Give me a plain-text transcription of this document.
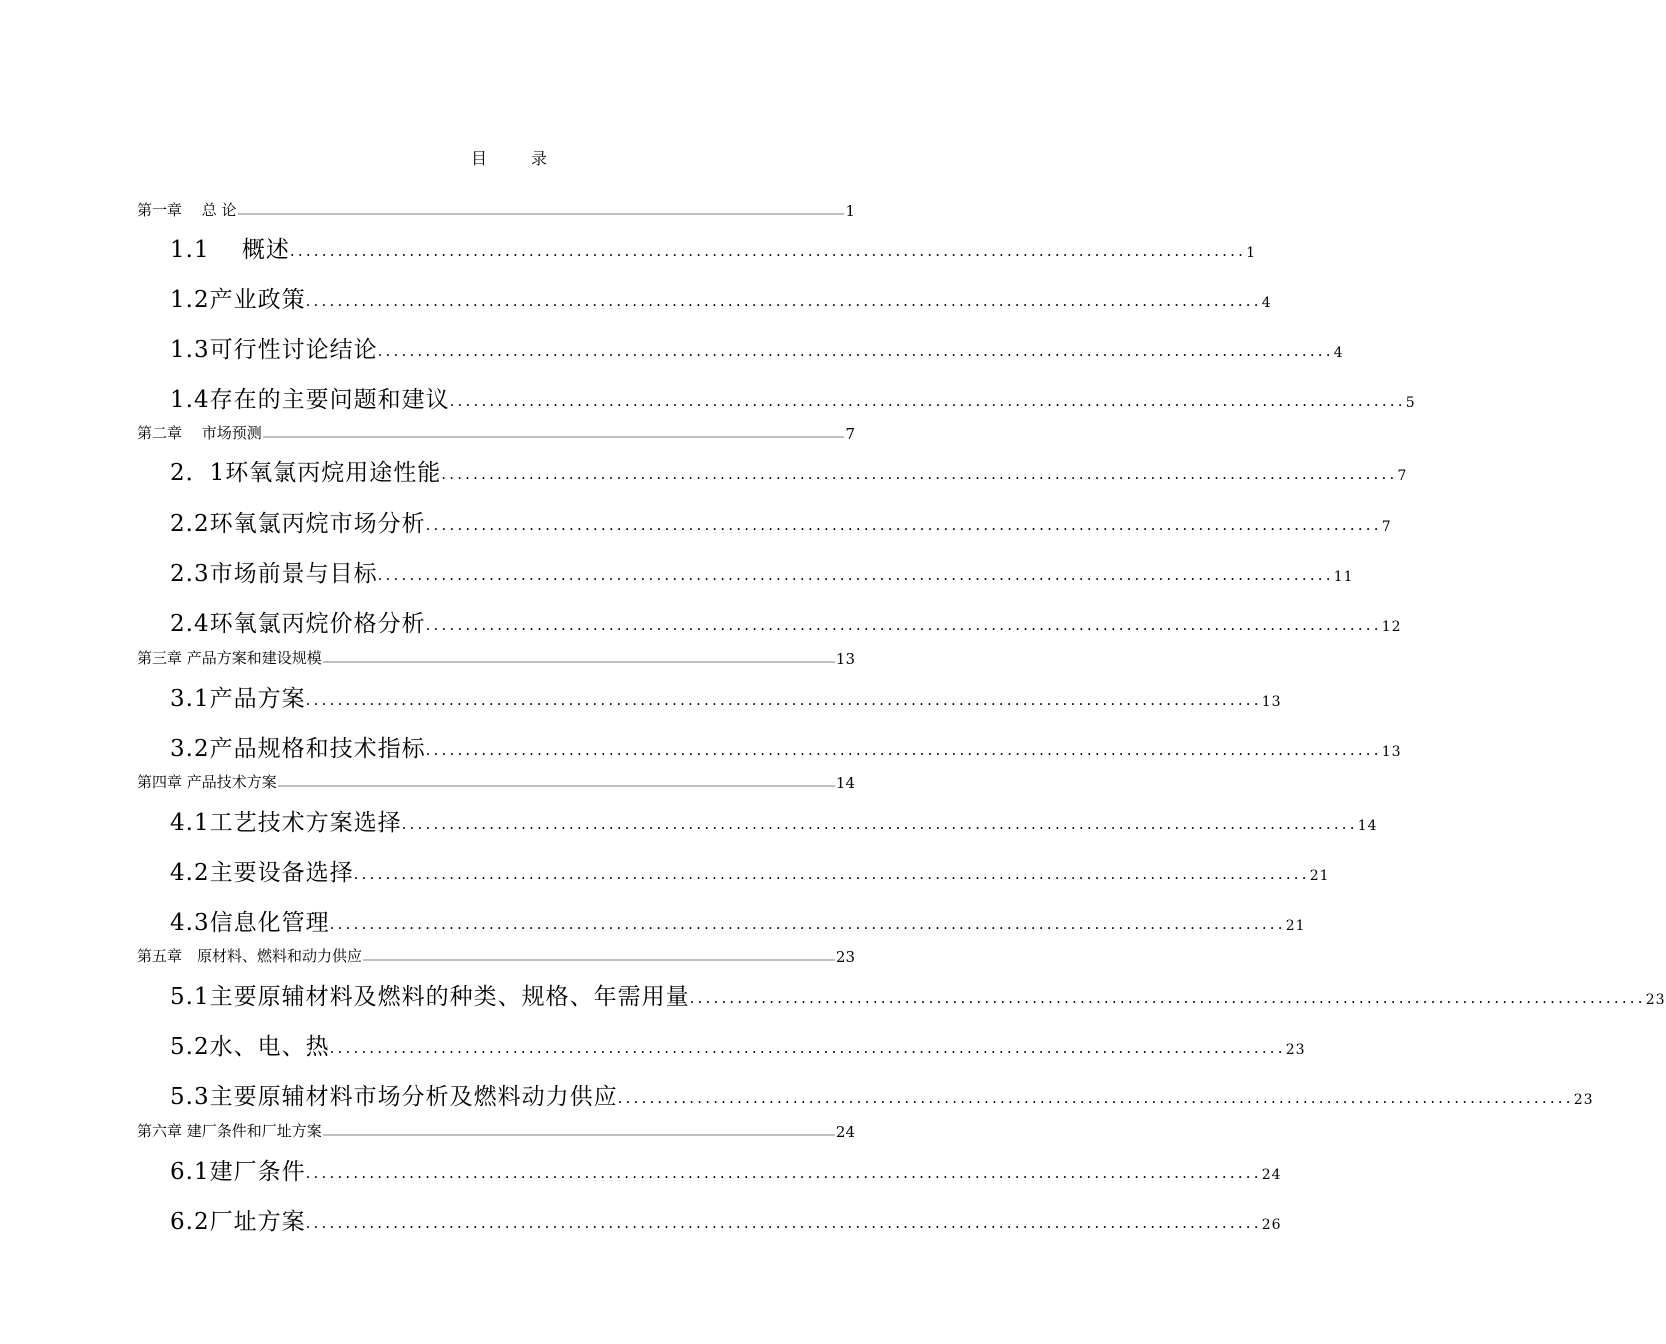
目	录
第一章　 总 论	1
1.1　 概述 ........................................................................................................................ 1
1.2产业政策 ........................................................................................................................ 4
1.3可行性讨论结论 ........................................................................................................................ 4
1.4存在的主要问题和建议 ........................................................................................................................ 5
第二章　 市场预测	7
2．1环氧氯丙烷用途性能 ........................................................................................................................ 7
2.2环氧氯丙烷市场分析 ........................................................................................................................ 7
2.3市场前景与目标 ........................................................................................................................ 11
2.4环氧氯丙烷价格分析 ........................................................................................................................ 12
第三章 产品方案和建设规模	13
3.1产品方案 ........................................................................................................................ 13
3.2产品规格和技术指标 ........................................................................................................................ 13
第四章 产品技术方案	14
4.1工艺技术方案选择 ........................................................................................................................ 14
4.2主要设备选择 ........................................................................................................................ 21
4.3信息化管理 ........................................................................................................................ 21
第五章　原材料、燃料和动力供应	23
5.1主要原辅材料及燃料的种类、规格、年需用量 ........................................................................................................................ 23
5.2水、电、热 ........................................................................................................................ 23
5.3主要原辅材料市场分析及燃料动力供应 ........................................................................................................................ 23
第六章 建厂条件和厂址方案	24
6.1建厂条件 ........................................................................................................................ 24
6.2厂址方案 ........................................................................................................................ 26
